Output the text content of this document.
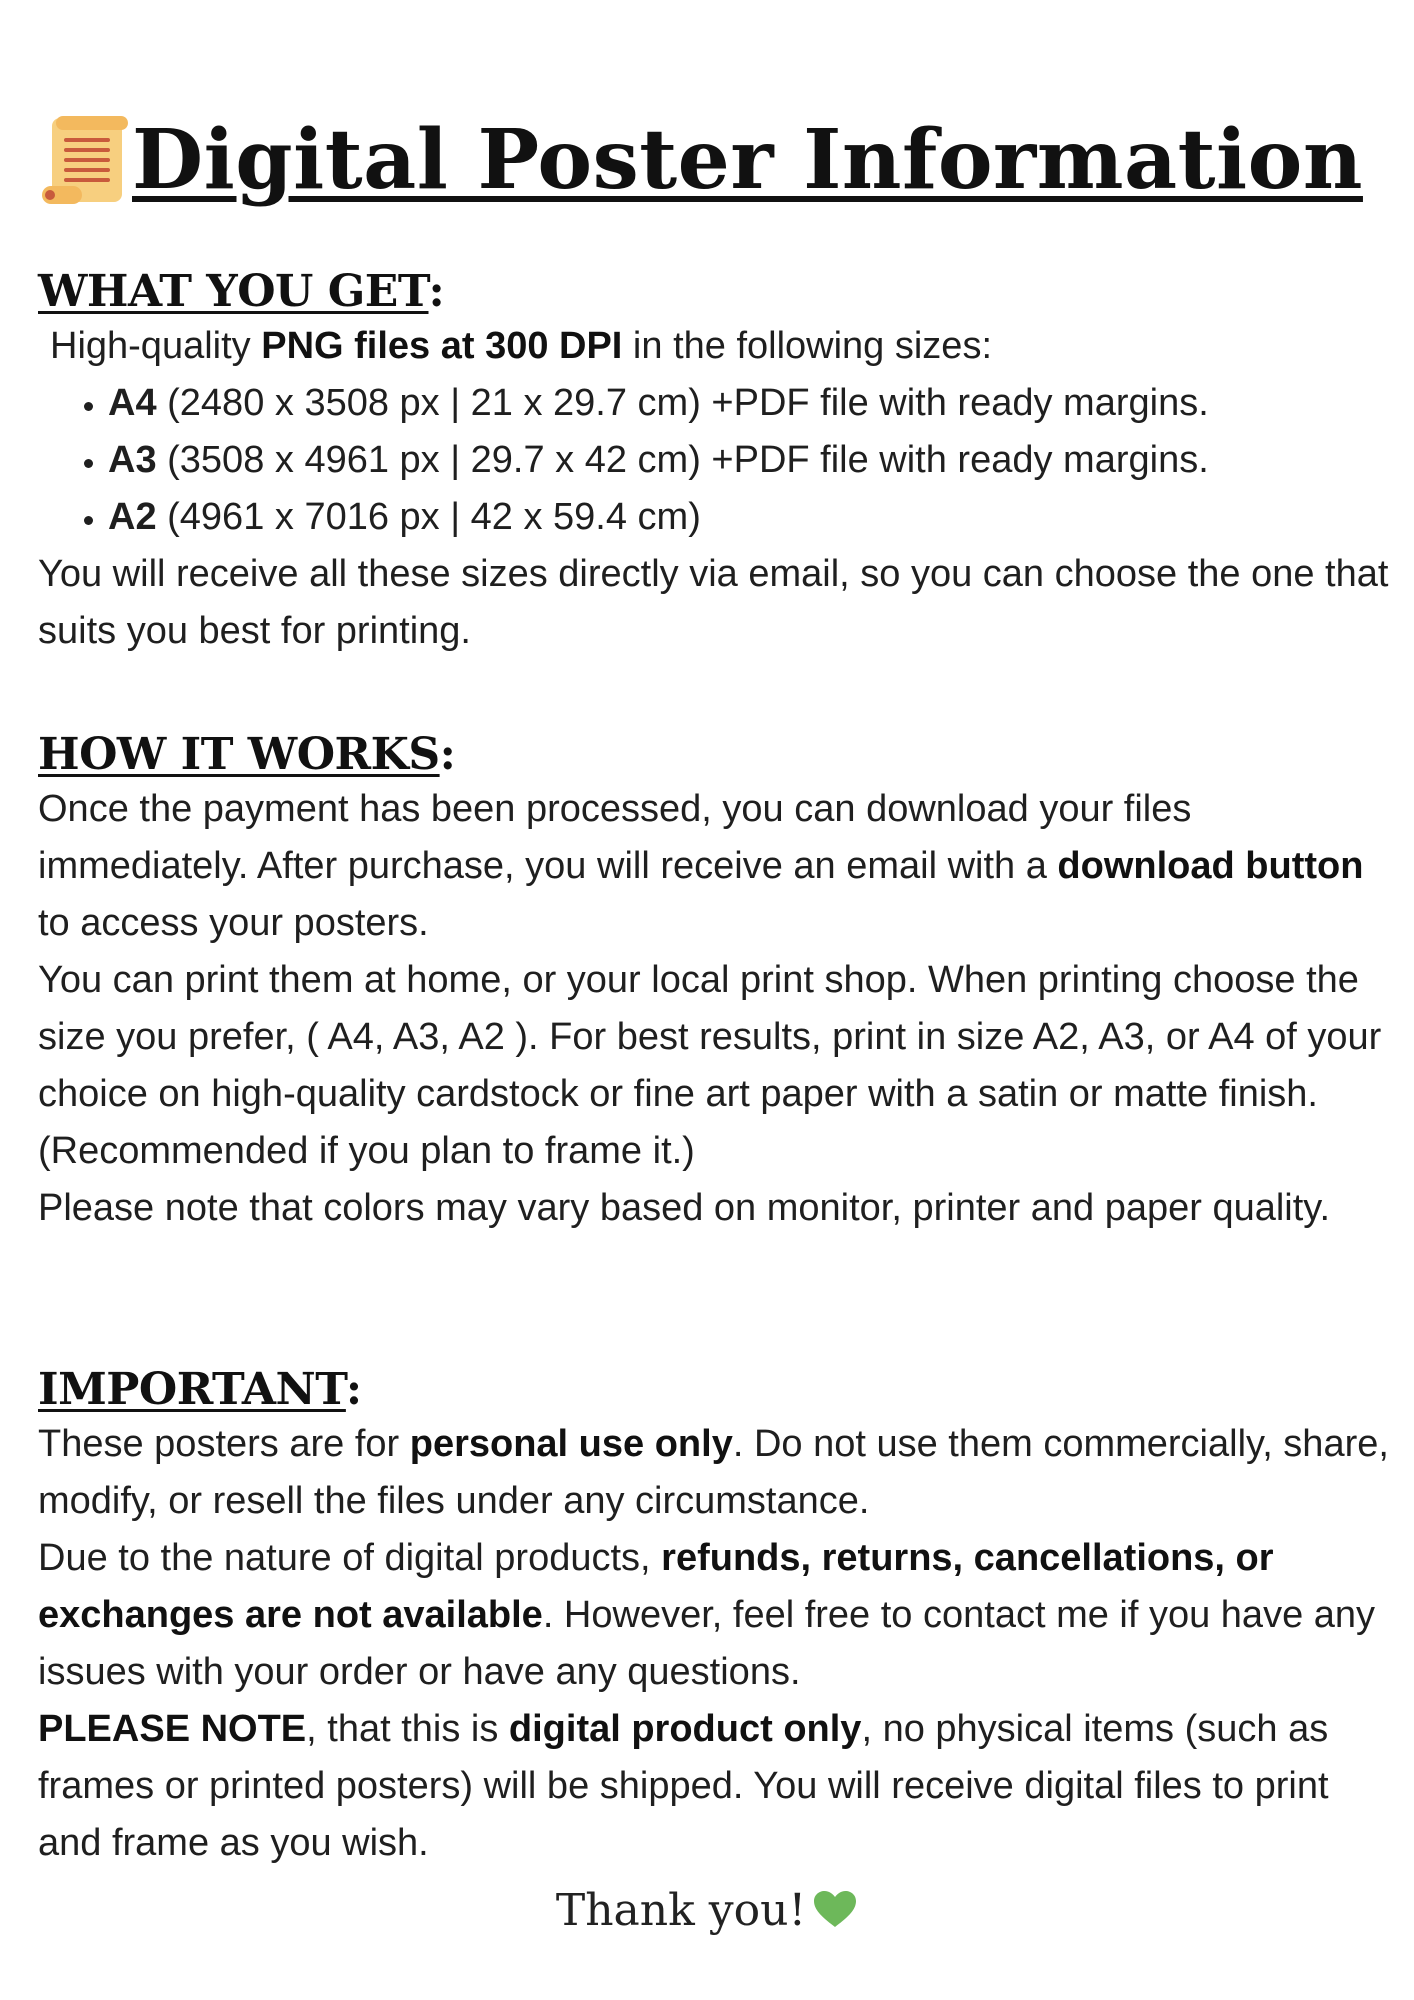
Digital Poster Information
WHAT YOU GET:

High-quality PNG files at 300 DPI in the following sizes:

• A4 (2480 x 3508 px | 21 x 29.7 cm) +PDF file with ready margins.
• A3 (3508 x 4961 px | 29.7 x 42 cm) +PDF file with ready margins.
• A2 (4961 x 7016 px | 42 x 59.4 cm)

You will receive all these sizes directly via email, so you can choose the one that suits you best for printing.

HOW IT WORKS:

Once the payment has been processed, you can download your files immediately. After purchase, you will receive an email with a download button to access your posters.

You can print them at home, or your local print shop. When printing choose the size you prefer, ( A4, A3, A2 ). For best results, print in size A2, A3, or A4 of your choice on high-quality cardstock or fine art paper with a satin or matte finish. (Recommended if you plan to frame it.)

Please note that colors may vary based on monitor, printer and paper quality.

IMPORTANT:

These posters are for personal use only. Do not use them commercially, share, modify, or resell the files under any circumstance.

Due to the nature of digital products, refunds, returns, cancellations, or exchanges are not available. However, feel free to contact me if you have any issues with your order or have any questions.

PLEASE NOTE, that this is digital product only, no physical items (such as frames or printed posters) will be shipped. You will receive digital files to print and frame as you wish.

Thank you!
